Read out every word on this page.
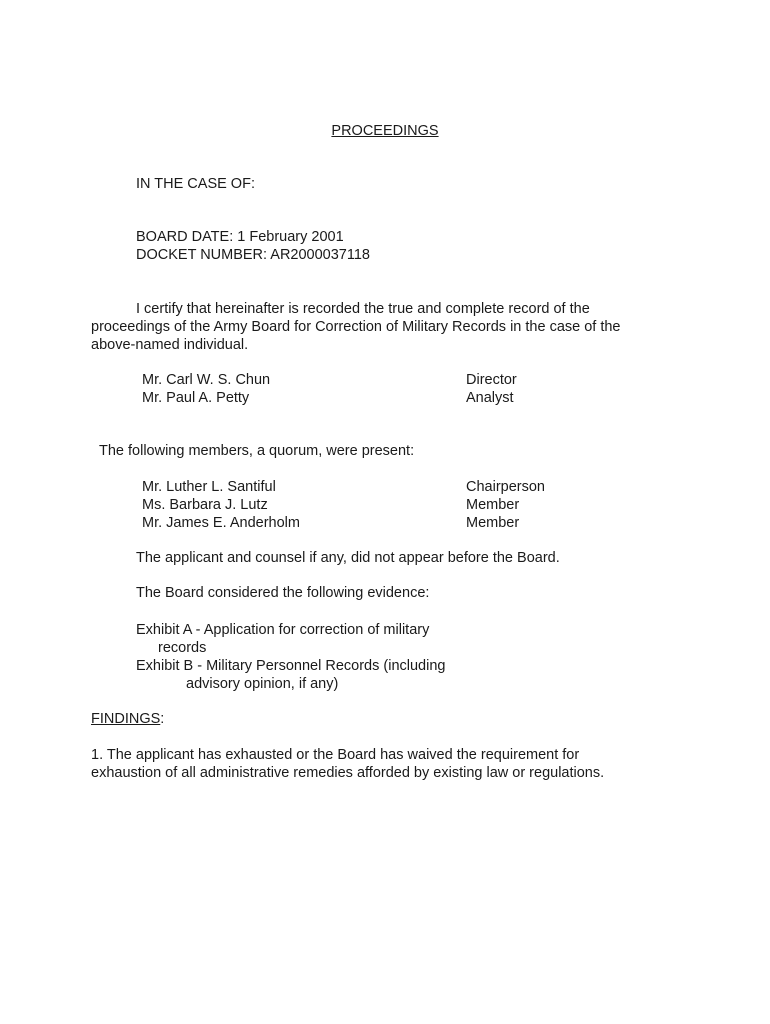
PROCEEDINGS
IN THE CASE OF:
BOARD DATE: 1 February 2001
DOCKET NUMBER: AR2000037118
I certify that hereinafter is recorded the true and complete record of the proceedings of the Army Board for Correction of Military Records in the case of the above-named individual.
Mr. Carl W. S. Chun	Director
Mr. Paul A. Petty	Analyst
The following members, a quorum, were present:
Mr. Luther L. Santiful	Chairperson
Ms. Barbara J. Lutz	Member
Mr. James E. Anderholm	Member
The applicant and counsel if any, did not appear before the Board.
The Board considered the following evidence:
Exhibit A - Application for correction of military
records
Exhibit B - Military Personnel Records (including
advisory opinion, if any)
FINDINGS:
1. The applicant has exhausted or the Board has waived the requirement for exhaustion of all administrative remedies afforded by existing law or regulations.
